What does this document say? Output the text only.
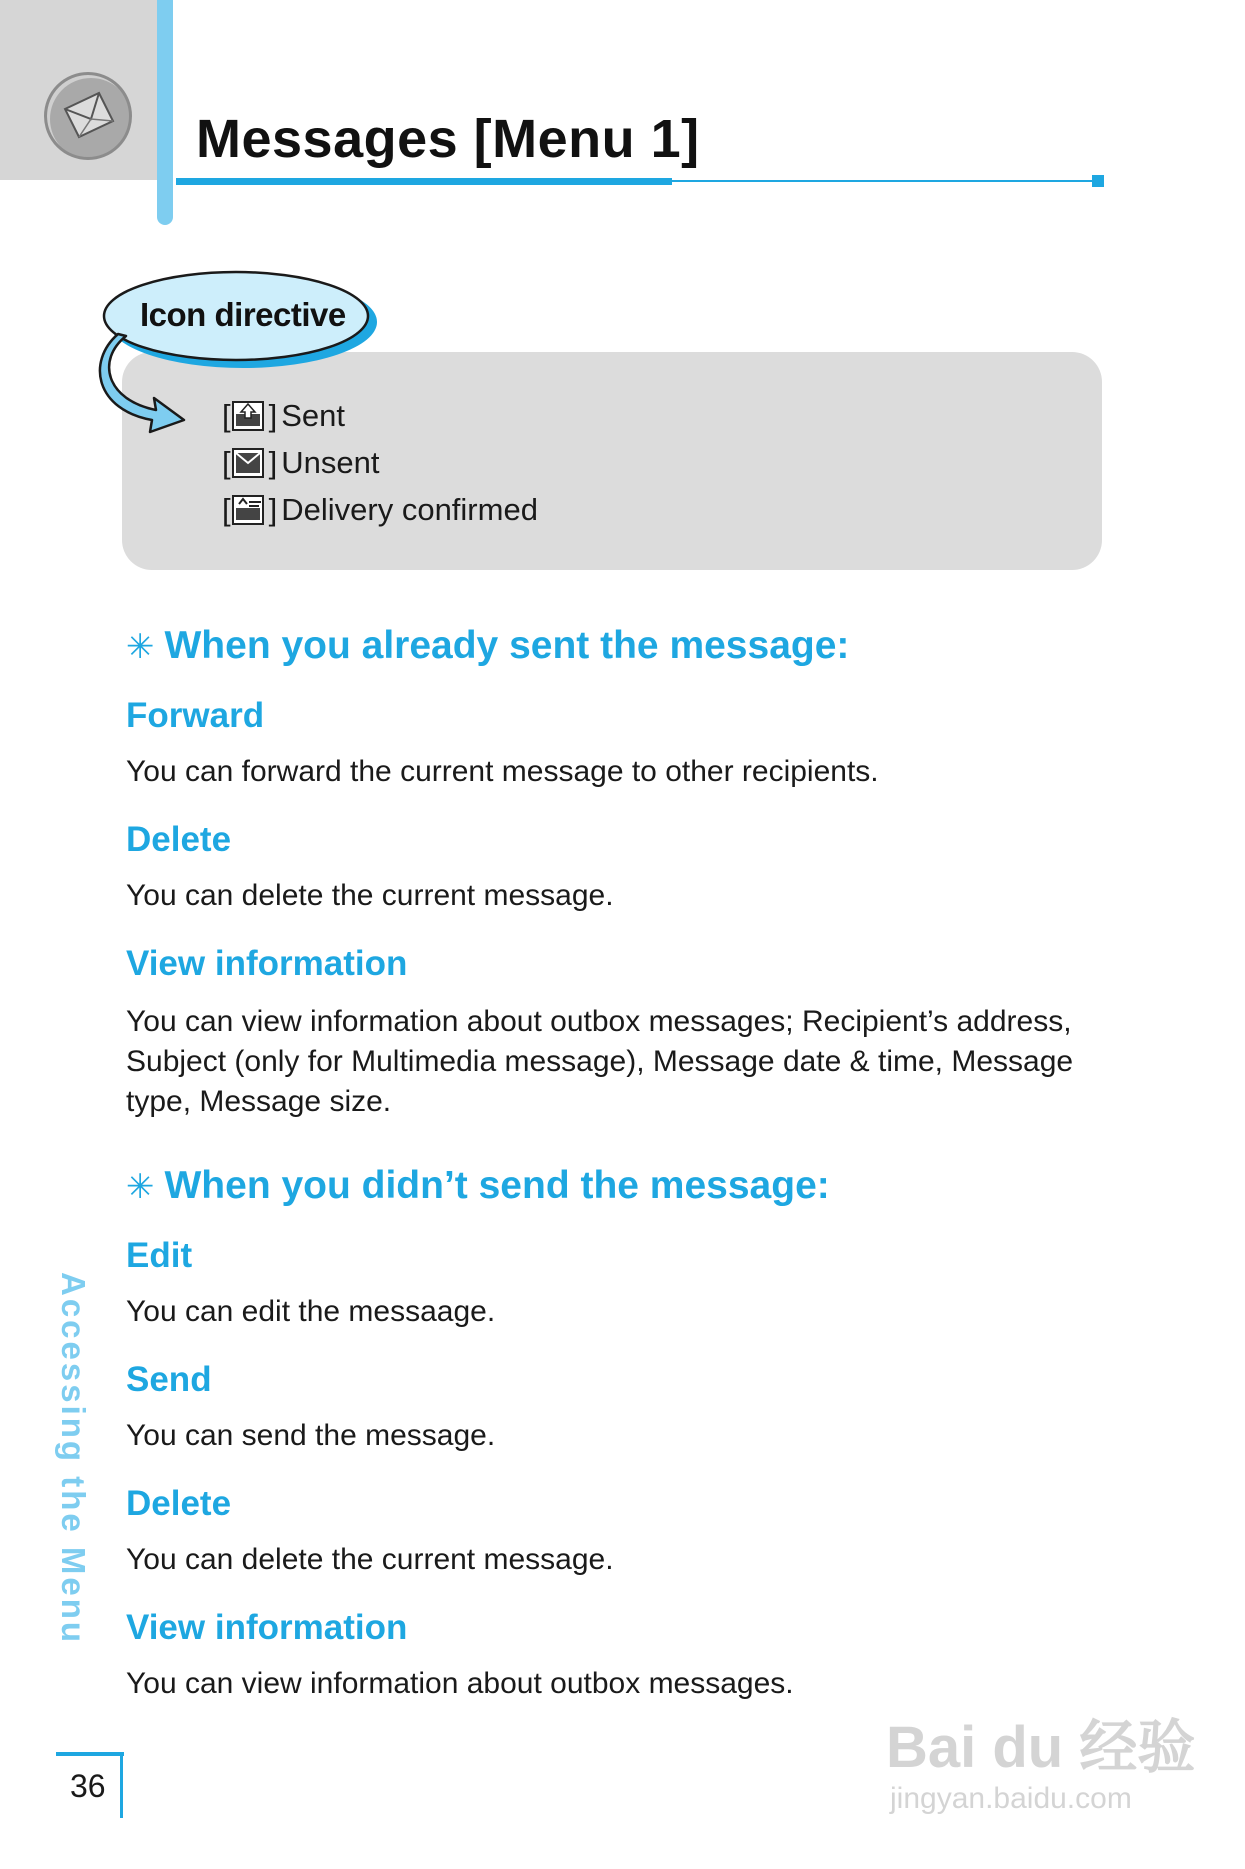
Messages [Menu 1]
Icon directive
[ ] Sent
[ ] Unsent
[ ] Delivery confirmed
✳ When you already sent the message:
Forward
You can forward the current message to other recipients.
Delete
You can delete the current message.
View information
You can view information about outbox messages; Recipient’s address, Subject (only for Multimedia message), Message date & time, Message type, Message size.
✳ When you didn’t send the message:
Edit
You can edit the messaage.
Send
You can send the message.
Delete
You can delete the current message.
View information
You can view information about outbox messages.
Accessing the Menu
36
Bai du 经验
jingyan.baidu.com
